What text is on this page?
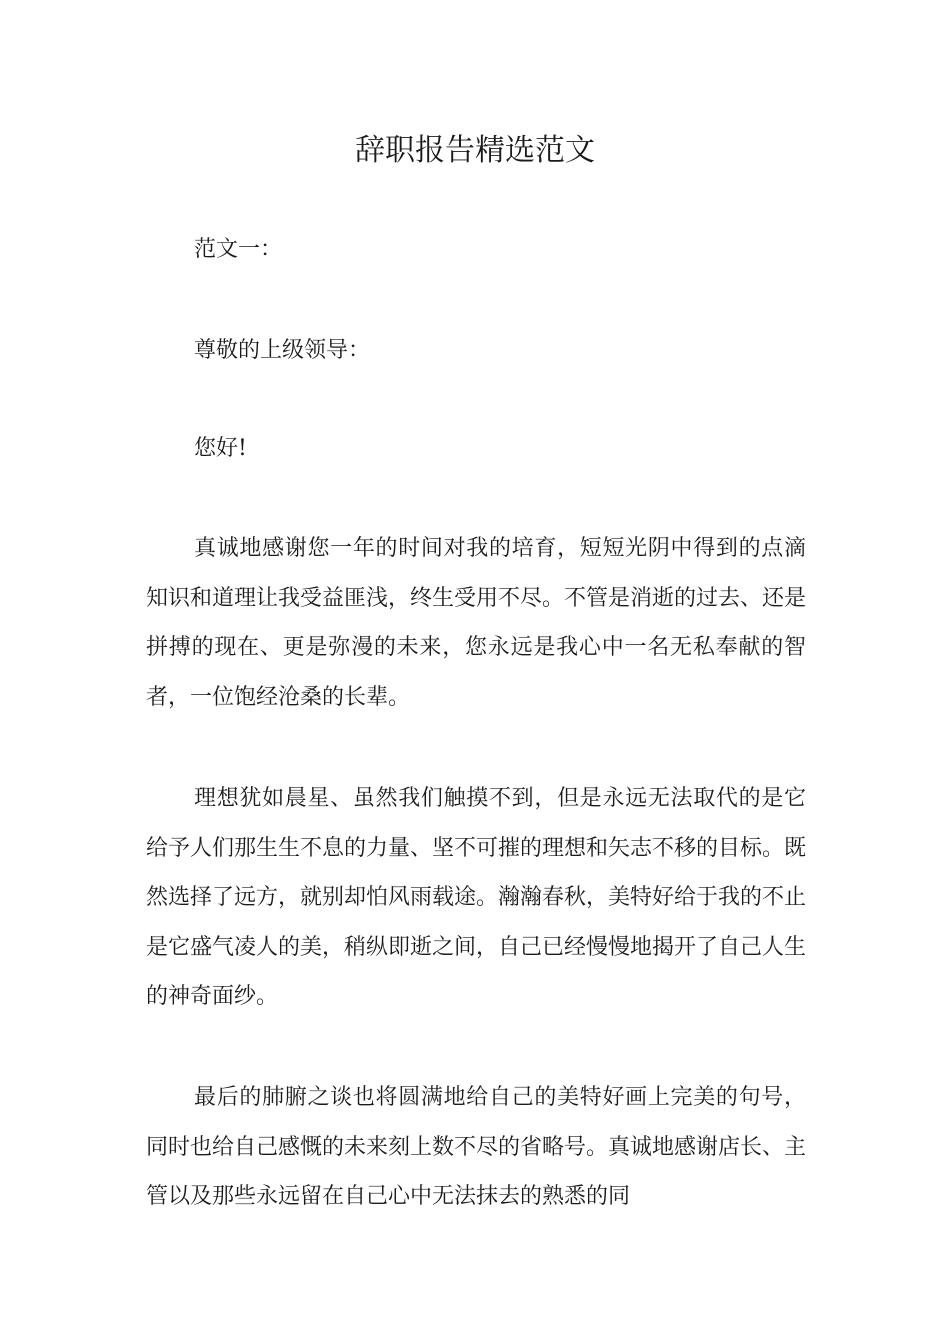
辞职报告精选范文

范文一：

尊敬的上级领导：

您好!

真诚地感谢您一年的时间对我的培育，短短光阴中得到的点滴知识和道理让我受益匪浅，终生受用不尽。不管是消逝的过去、还是拼搏的现在、更是弥漫的未来，您永远是我心中一名无私奉献的智者，一位饱经沧桑的长辈。

理想犹如晨星、虽然我们触摸不到，但是永远无法取代的是它给予人们那生生不息的力量、坚不可摧的理想和矢志不移的目标。既然选择了远方，就别却怕风雨载途。瀚瀚春秋，美特好给于我的不止是它盛气凌人的美，稍纵即逝之间，自己已经慢慢地揭开了自己人生的神奇面纱。

最后的肺腑之谈也将圆满地给自己的美特好画上完美的句号，同时也给自己感慨的未来刻上数不尽的省略号。真诚地感谢店长、主管以及那些永远留在自己心中无法抹去的熟悉的同
